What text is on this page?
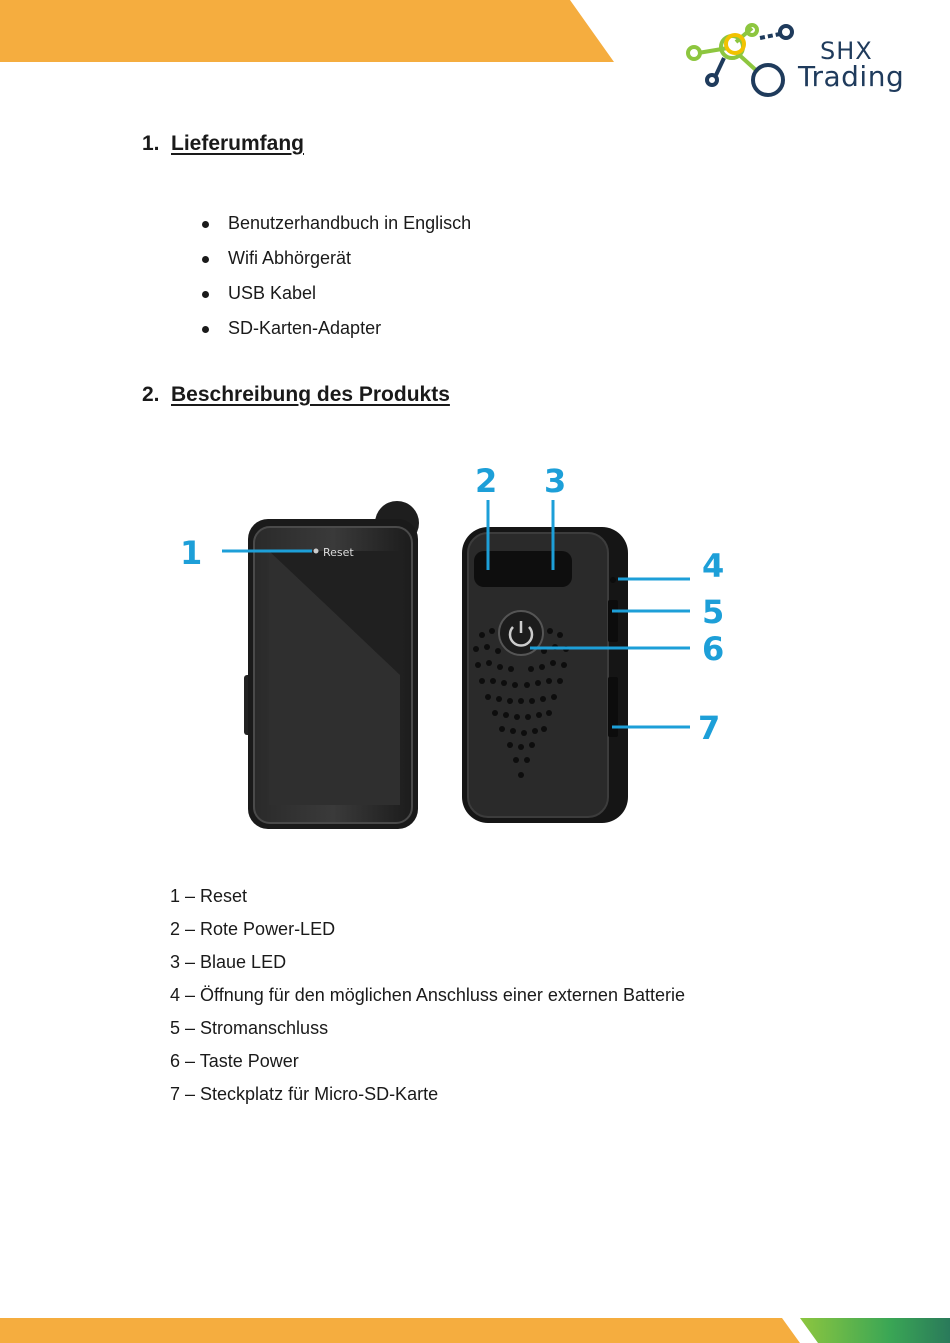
SHX
Trading
1. Lieferumfang
Benutzerhandbuch in Englisch
Wifi Abhörgerät
USB Kabel
SD-Karten-Adapter
2. Beschreibung des Produkts
Reset
1
2 3
4
5
6
7
1 – Reset
2 – Rote Power-LED
3 – Blaue LED
4 – Öffnung für den möglichen Anschluss einer externen Batterie
5 – Stromanschluss
6 – Taste Power
7 – Steckplatz für Micro-SD-Karte
